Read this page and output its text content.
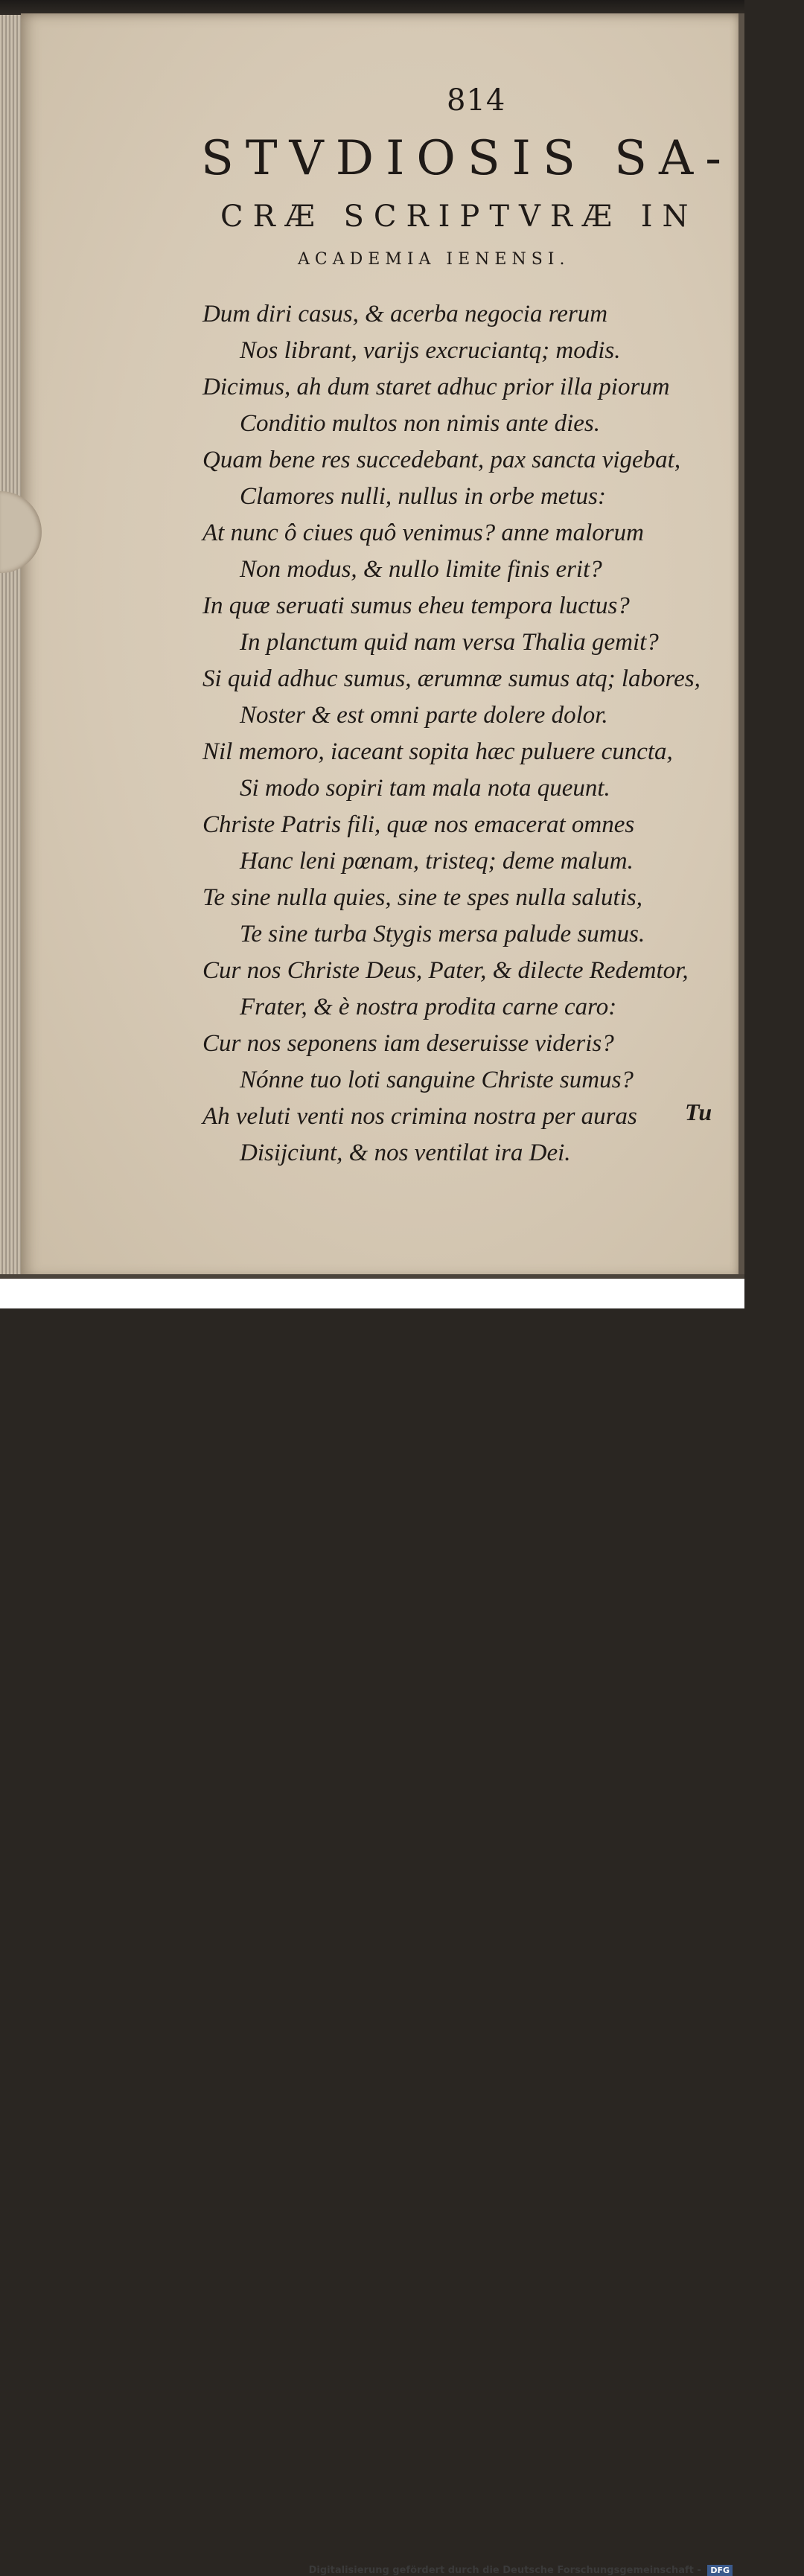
814
STVDIOSIS SA-
CRÆ SCRIPTVRÆ IN
ACADEMIA IENENSI.
Dum diri casus, & acerba negocia rerum
Nos librant, varijs excruciantq; modis.
Dicimus, ah dum staret adhuc prior illa piorum
Conditio multos non nimis ante dies.
Quam bene res succedebant, pax sancta vigebat,
Clamores nulli, nullus in orbe metus:
At nunc ô ciues quô venimus? anne malorum
Non modus, & nullo limite finis erit?
In quæ seruati sumus eheu tempora luctus?
In planctum quid nam versa Thalia gemit?
Si quid adhuc sumus, ærumnæ sumus atq; labores,
Noster & est omni parte dolere dolor.
Nil memoro, iaceant sopita hæc puluere cuncta,
Si modo sopiri tam mala nota queunt.
Christe Patris fili, quæ nos emacerat omnes
Hanc leni pœnam, tristeq; deme malum.
Te sine nulla quies, sine te spes nulla salutis,
Te sine turba Stygis mersa palude sumus.
Cur nos Christe Deus, Pater, & dilecte Redemtor,
Frater, & è nostra prodita carne caro:
Cur nos seponens iam deseruisse videris?
Nónne tuo loti sanguine Christe sumus?
Ah veluti venti nos crimina nostra per auras
Disijciunt, & nos ventilat ira Dei.
Tu
Digitalisierung gefördert durch die Deutsche Forschungsgemeinschaft - DFG
